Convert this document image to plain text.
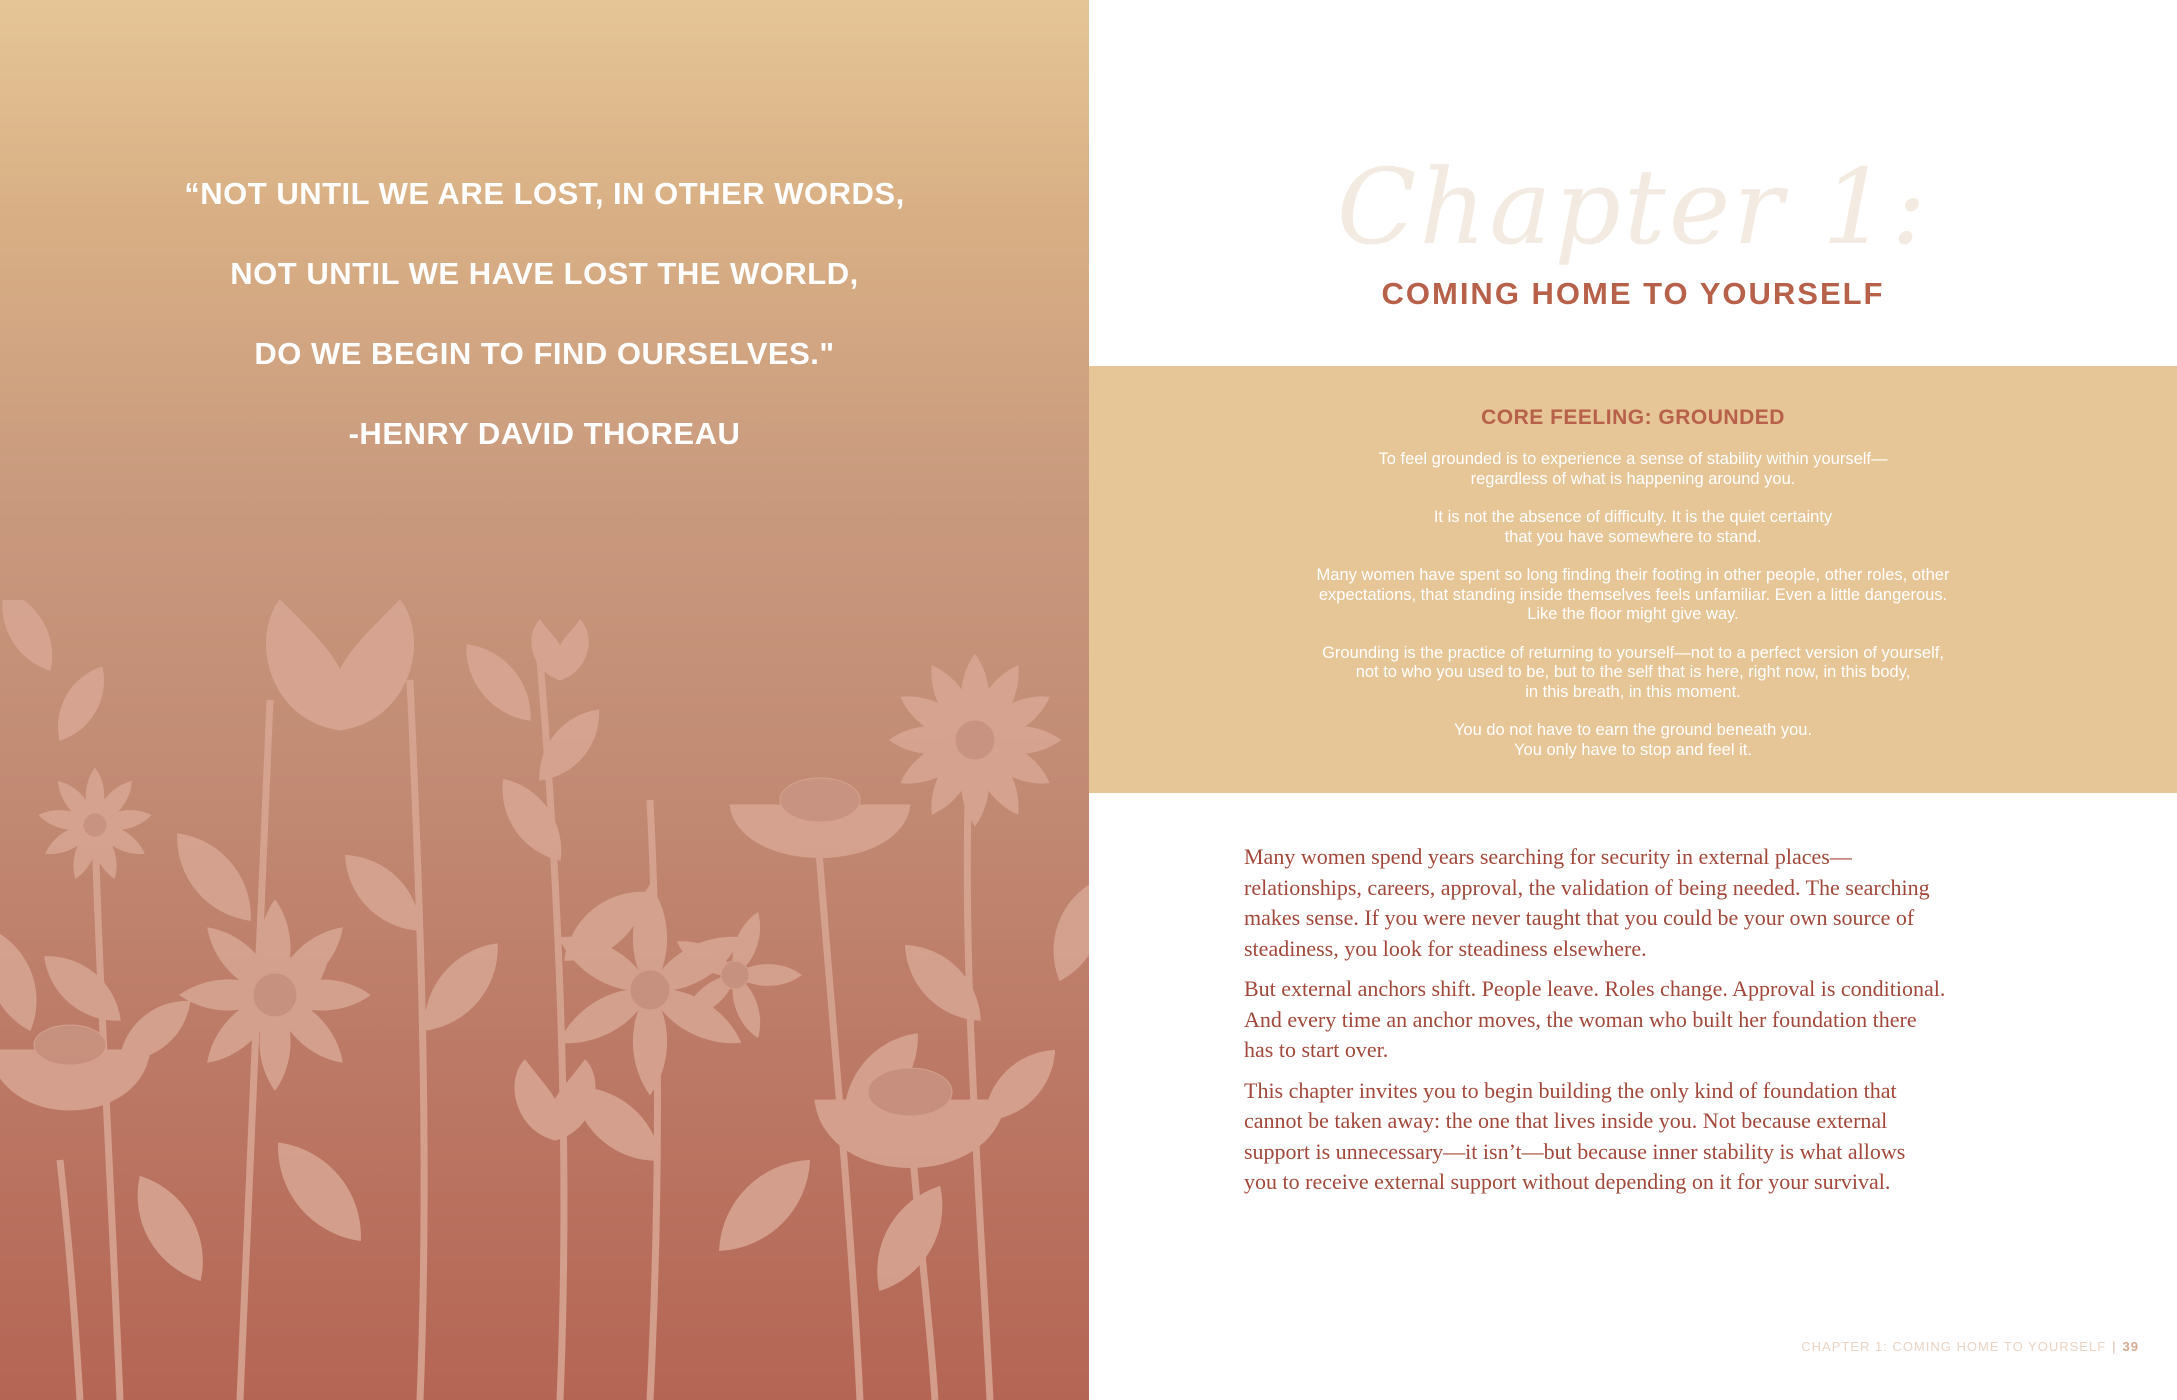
“NOT UNTIL WE ARE LOST, IN OTHER WORDS,
NOT UNTIL WE HAVE LOST THE WORLD,
DO WE BEGIN TO FIND OURSELVES."
-HENRY DAVID THOREAU
Chapter 1:
COMING HOME TO YOURSELF
CORE FEELING: GROUNDED

To feel grounded is to experience a sense of stability within yourself—
regardless of what is happening around you.

It is not the absence of difficulty. It is the quiet certainty
that you have somewhere to stand.

Many women have spent so long finding their footing in other people, other roles, other
expectations, that standing inside themselves feels unfamiliar. Even a little dangerous.
Like the floor might give way.

Grounding is the practice of returning to yourself—not to a perfect version of yourself,
not to who you used to be, but to the self that is here, right now, in this body,
in this breath, in this moment.

You do not have to earn the ground beneath you.
You only have to stop and feel it.

Many women spend years searching for security in external places—
relationships, careers, approval, the validation of being needed. The searching
makes sense. If you were never taught that you could be your own source of
steadiness, you look for steadiness elsewhere.

But external anchors shift. People leave. Roles change. Approval is conditional.
And every time an anchor moves, the woman who built her foundation there
has to start over.

This chapter invites you to begin building the only kind of foundation that
cannot be taken away: the one that lives inside you. Not because external
support is unnecessary—it isn’t—but because inner stability is what allows
you to receive external support without depending on it for your survival.

CHAPTER 1: COMING HOME TO YOURSELF | 39
